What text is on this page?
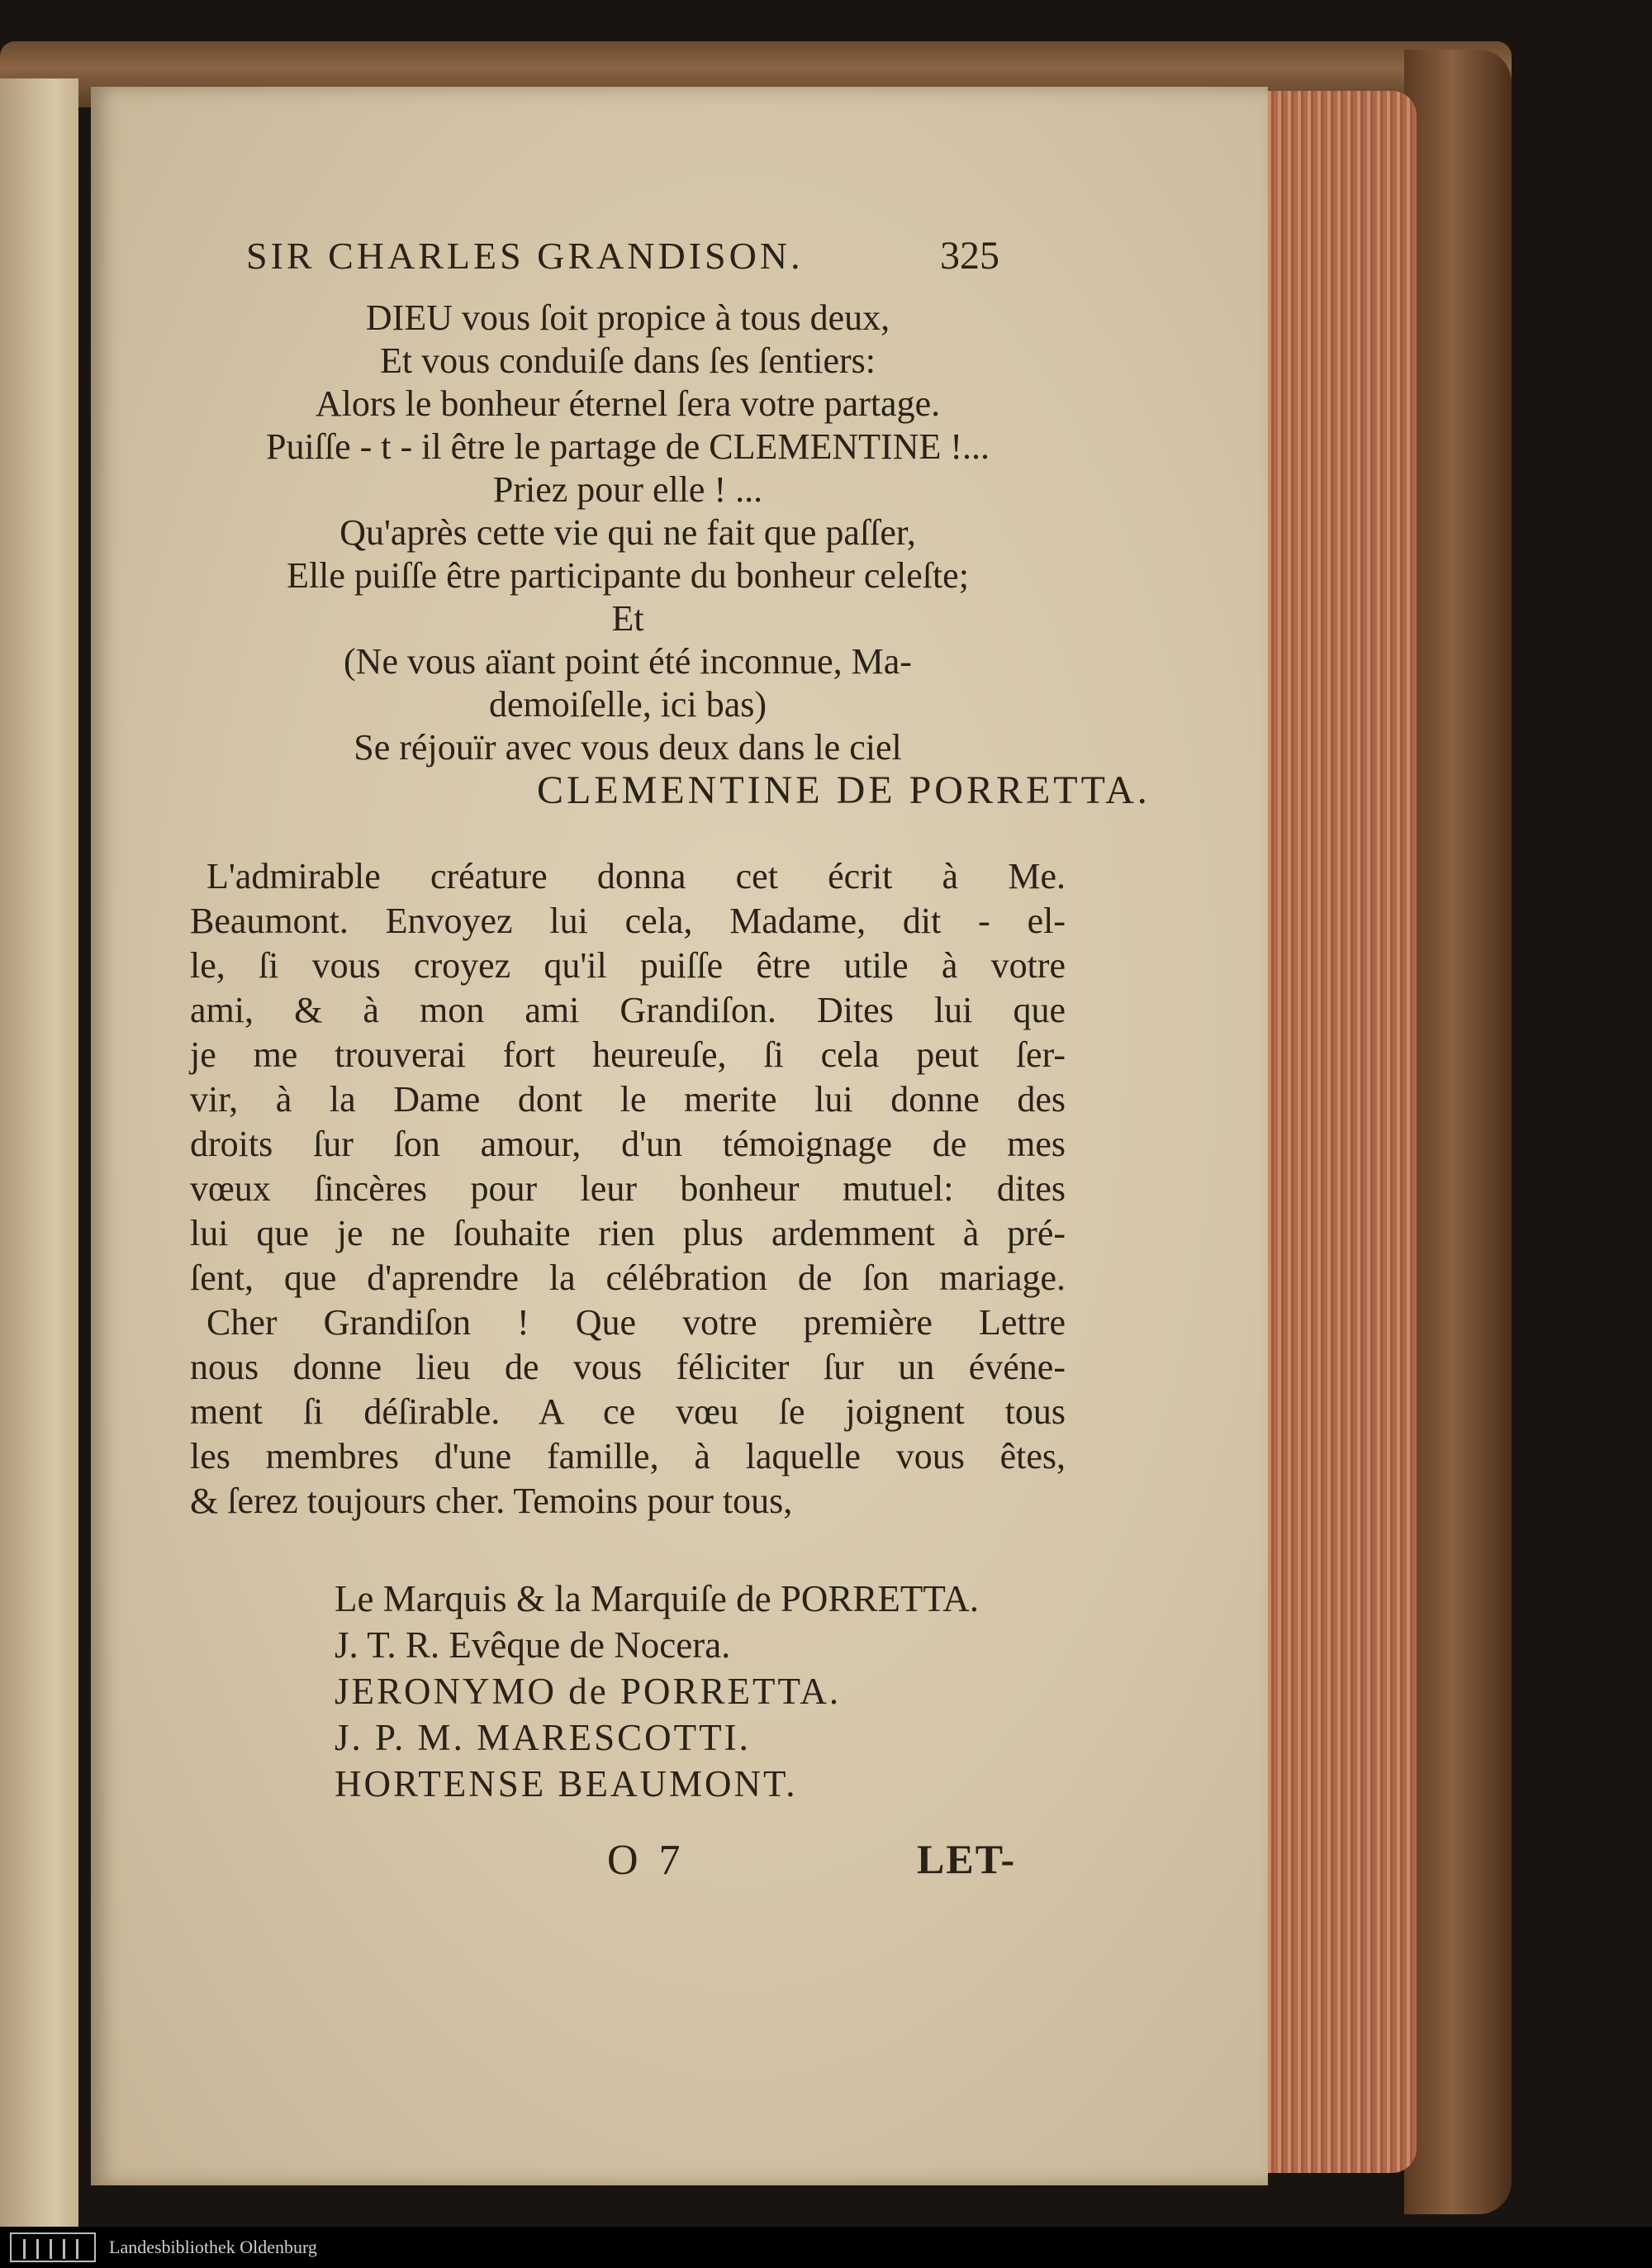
SIR CHARLES GRANDISON.	325
DIEU vous ſoit propice à tous deux,
Et vous conduiſe dans ſes ſentiers:
Alors le bonheur éternel ſera votre partage.
Puiſſe - t - il être le partage de CLEMENTINE !...
Priez pour elle ! ...
Qu'après cette vie qui ne fait que paſſer,
Elle puiſſe être participante du bonheur celeſte;
Et
(Ne vous aïant point été inconnue, Ma-
demoiſelle, ici bas)
Se réjouïr avec vous deux dans le ciel
CLEMENTINE DE PORRETTA.
L'admirable créature donna cet écrit à Me.
Beaumont. Envoyez lui cela, Madame, dit - el-
le, ſi vous croyez qu'il puiſſe être utile à votre
ami, & à mon ami Grandiſon. Dites lui que
je me trouverai fort heureuſe, ſi cela peut ſer-
vir, à la Dame dont le merite lui donne des
droits ſur ſon amour, d'un témoignage de mes
vœux ſincères pour leur bonheur mutuel: dites
lui que je ne ſouhaite rien plus ardemment à pré-
ſent, que d'aprendre la célébration de ſon mariage.
Cher Grandiſon ! Que votre première Lettre
nous donne lieu de vous féliciter ſur un événe-
ment ſi déſirable. A ce vœu ſe joignent tous
les membres d'une famille, à laquelle vous êtes,
& ſerez toujours cher. Temoins pour tous,
Le Marquis & la Marquiſe de PORRETTA.
J. T. R. Evêque de Nocera.
JERONYMO de PORRETTA.
J. P. M. MARESCOTTI.
HORTENSE BEAUMONT.
O 7	LET-
Landesbibliothek Oldenburg
